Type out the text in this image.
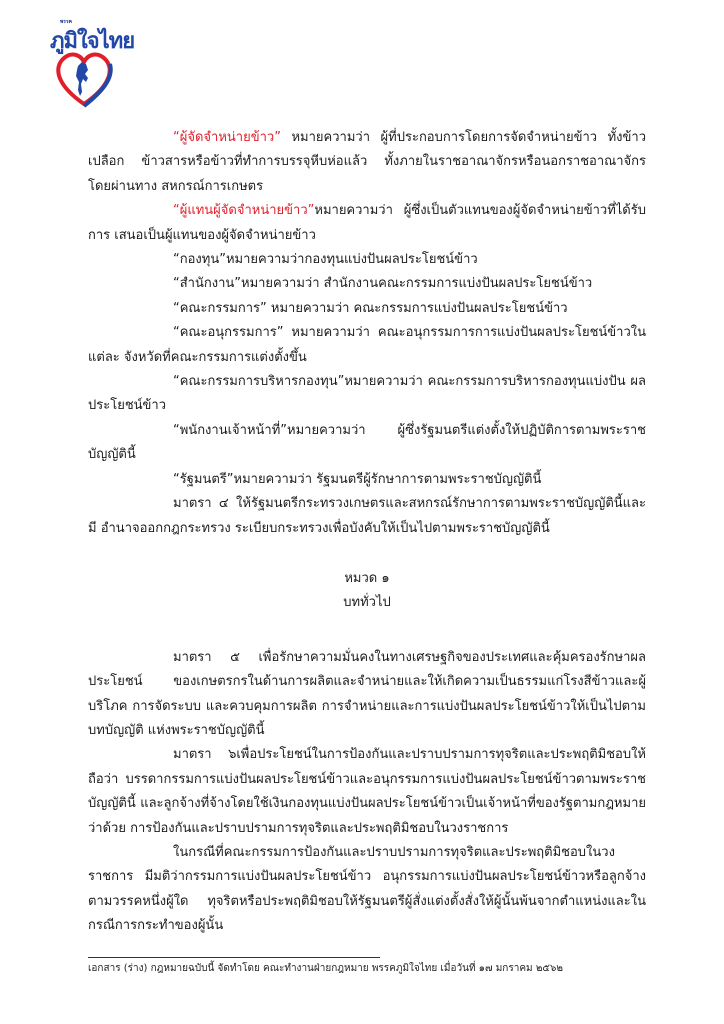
พรรค
ภูมิใจไทย

“ผู้จัดจำหน่ายข้าว” หมายความว่า ผู้ที่ประกอบการโดยการจัดจำหน่ายข้าว ทั้งข้าวเปลือก ข้าวสารหรือข้าวที่ทำการบรรจุหีบห่อแล้ว ทั้งภายในราชอาณาจักรหรือนอกราชอาณาจักร โดยผ่านทาง สหกรณ์การเกษตร

“ผู้แทนผู้จัดจำหน่ายข้าว”หมายความว่า ผู้ซึ่งเป็นตัวแทนของผู้จัดจำหน่ายข้าวที่ได้รับการ เสนอเป็นผู้แทนของผู้จัดจำหน่ายข้าว

“กองทุน”หมายความว่ากองทุนแบ่งปันผลประโยชน์ข้าว

“สำนักงาน”หมายความว่า สำนักงานคณะกรรมการแบ่งปันผลประโยชน์ข้าว

“คณะกรรมการ” หมายความว่า คณะกรรมการแบ่งปันผลประโยชน์ข้าว

“คณะอนุกรรมการ” หมายความว่า คณะอนุกรรมการการแบ่งปันผลประโยชน์ข้าวในแต่ละ จังหวัดที่คณะกรรมการแต่งตั้งขึ้น

“คณะกรรมการบริหารกองทุน”หมายความว่า คณะกรรมการบริหารกองทุนแบ่งปัน ผลประโยชน์ข้าว

“พนักงานเจ้าหน้าที่”หมายความว่า ผู้ซึ่งรัฐมนตรีแต่งตั้งให้ปฏิบัติการตามพระราชบัญญัตินี้

“รัฐมนตรี”หมายความว่า รัฐมนตรีผู้รักษาการตามพระราชบัญญัตินี้

มาตรา ๔ ให้รัฐมนตรีกระทรวงเกษตรและสหกรณ์รักษาการตามพระราชบัญญัตินี้และมี อำนาจออกกฎกระทรวง ระเบียบกระทรวงเพื่อบังคับให้เป็นไปตามพระราชบัญญัตินี้

หมวด ๑

บททั่วไป

มาตรา ๕ เพื่อรักษาความมั่นคงในทางเศรษฐกิจของประเทศและคุ้มครองรักษาผลประโยชน์ ของเกษตรกรในด้านการผลิตและจำหน่ายและให้เกิดความเป็นธรรมแก่โรงสีข้าวและผู้บริโภค การจัดระบบ และควบคุมการผลิต การจำหน่ายและการแบ่งปันผลประโยชน์ข้าวให้เป็นไปตามบทบัญญัติ แห่งพระราชบัญญัตินี้

มาตรา ๖เพื่อประโยชน์ในการป้องกันและปราบปรามการทุจริตและประพฤติมิชอบให้ถือว่า บรรดากรรมการแบ่งปันผลประโยชน์ข้าวและอนุกรรมการแบ่งปันผลประโยชน์ข้าวตามพระราชบัญญัตินี้ และลูกจ้างที่จ้างโดยใช้เงินกองทุนแบ่งปันผลประโยชน์ข้าวเป็นเจ้าหน้าที่ของรัฐตามกฎหมายว่าด้วย การป้องกันและปราบปรามการทุจริตและประพฤติมิชอบในวงราชการ

ในกรณีที่คณะกรรมการป้องกันและปราบปรามการทุจริตและประพฤติมิชอบในวงราชการ มีมติว่ากรรมการแบ่งปันผลประโยชน์ข้าว อนุกรรมการแบ่งปันผลประโยชน์ข้าวหรือลูกจ้างตามวรรคหนึ่งผู้ใด ทุจริตหรือประพฤติมิชอบให้รัฐมนตรีผู้สั่งแต่งตั้งสั่งให้ผู้นั้นพ้นจากตำแหน่งและในกรณีการกระทำของผู้นั้น

เอกสาร (ร่าง) กฎหมายฉบับนี้ จัดทำโดย คณะทำงานฝ่ายกฎหมาย พรรคภูมิใจไทย เมื่อวันที่ ๑๗ มกราคม ๒๕๖๒
